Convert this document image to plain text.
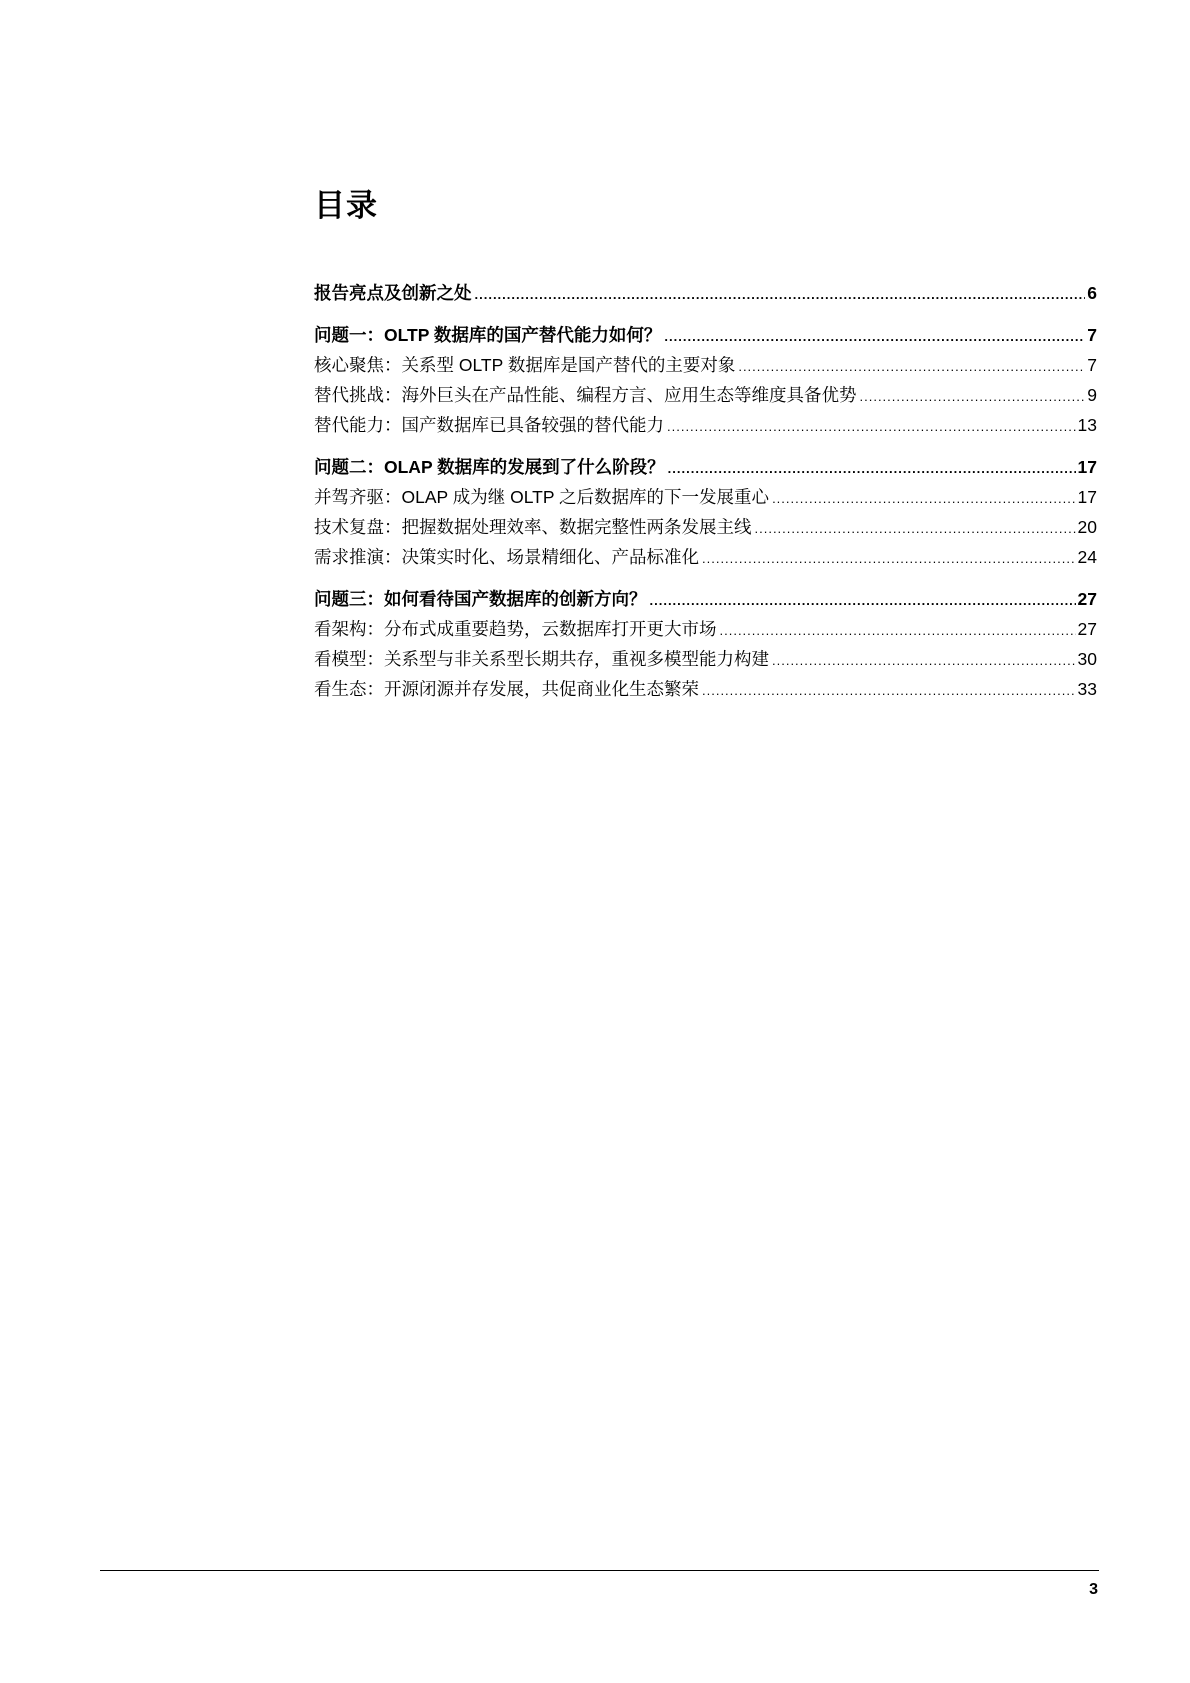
目录
报告亮点及创新之处 .....	6
问题一：OLTP 数据库的国产替代能力如何？ .....	7
核心聚焦：关系型 OLTP 数据库是国产替代的主要对象 .....	7
替代挑战：海外巨头在产品性能、编程方言、应用生态等维度具备优势 .....	9
替代能力：国产数据库已具备较强的替代能力 .....	13
问题二：OLAP 数据库的发展到了什么阶段？ .....	17
并驾齐驱：OLAP 成为继 OLTP 之后数据库的下一发展重心 .....	17
技术复盘：把握数据处理效率、数据完整性两条发展主线 .....	20
需求推演：决策实时化、场景精细化、产品标准化 .....	24
问题三：如何看待国产数据库的创新方向？ .....	27
看架构：分布式成重要趋势，云数据库打开更大市场 .....	27
看模型：关系型与非关系型长期共存，重视多模型能力构建 .....	30
看生态：开源闭源并存发展，共促商业化生态繁荣 .....	33
3
